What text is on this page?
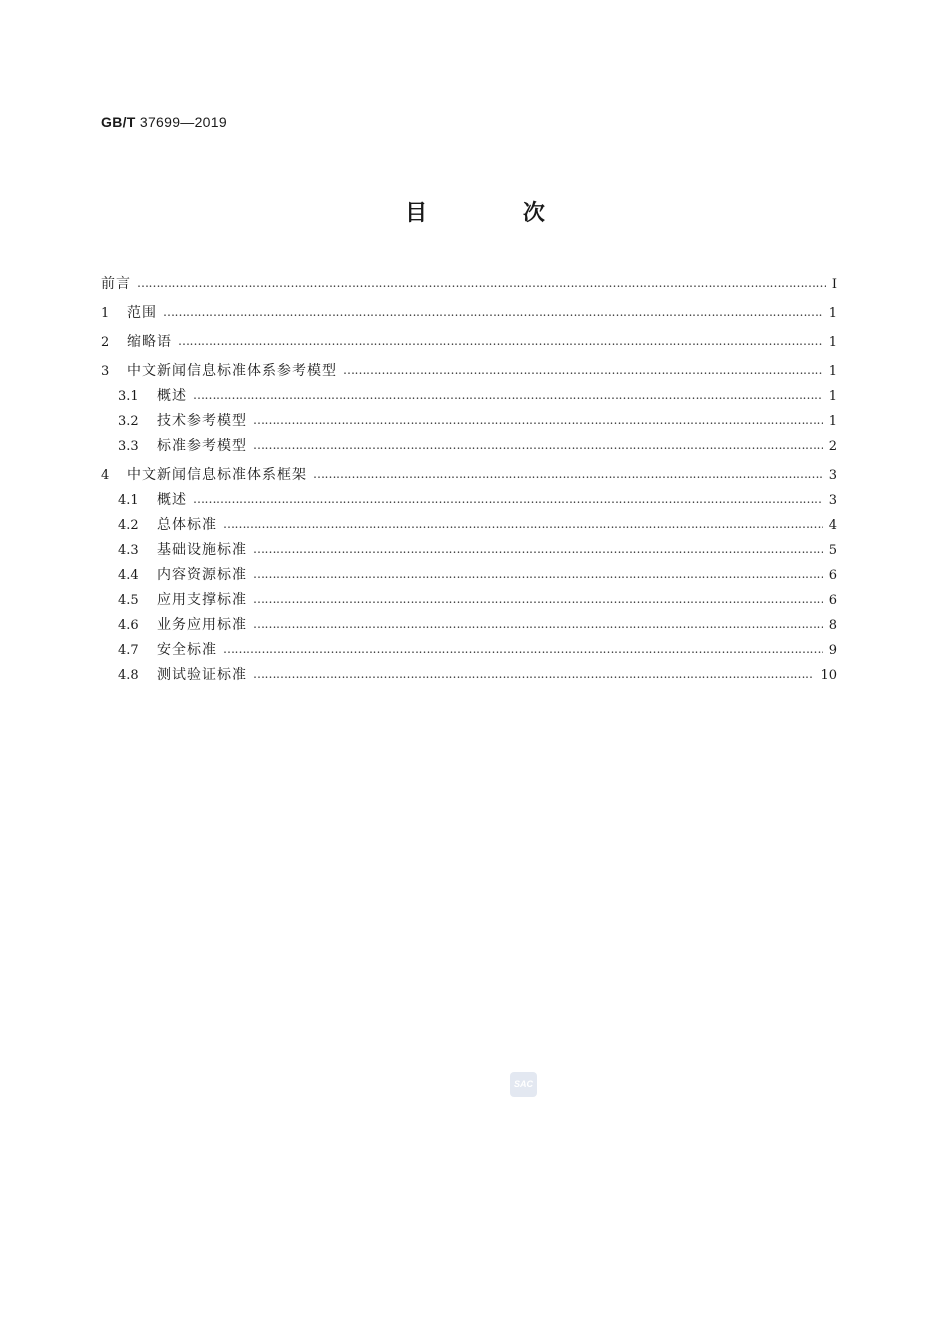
GB/T 37699—2019
目 次
前言 …………………………………………………………………………………………………………………………………………………………………………………………………………………………………	Ⅰ
1	范围 …………………………………………………………………………………………………………………………………………………………………………………………………………………………………	1
2	缩略语 …………………………………………………………………………………………………………………………………………………………………………………………………………………………………	1
3	中文新闻信息标准体系参考模型 …………………………………………………………………………………………………………………………………………………………………………………………………………………………………	1
3.1	概述 …………………………………………………………………………………………………………………………………………………………………………………………………………………………………	1
3.2	技术参考模型 …………………………………………………………………………………………………………………………………………………………………………………………………………………………………	1
3.3	标准参考模型 …………………………………………………………………………………………………………………………………………………………………………………………………………………………………	2
4	中文新闻信息标准体系框架 …………………………………………………………………………………………………………………………………………………………………………………………………………………………………	3
4.1	概述 …………………………………………………………………………………………………………………………………………………………………………………………………………………………………	3
4.2	总体标准 …………………………………………………………………………………………………………………………………………………………………………………………………………………………………	4
4.3	基础设施标准 …………………………………………………………………………………………………………………………………………………………………………………………………………………………………	5
4.4	内容资源标准 …………………………………………………………………………………………………………………………………………………………………………………………………………………………………	6
4.5	应用支撑标准 …………………………………………………………………………………………………………………………………………………………………………………………………………………………………	6
4.6	业务应用标准 …………………………………………………………………………………………………………………………………………………………………………………………………………………………………	8
4.7	安全标准 …………………………………………………………………………………………………………………………………………………………………………………………………………………………………	9
4.8	测试验证标准 …………………………………………………………………………………………………………………………………………………………………………………………………………………………………	10
SAC
